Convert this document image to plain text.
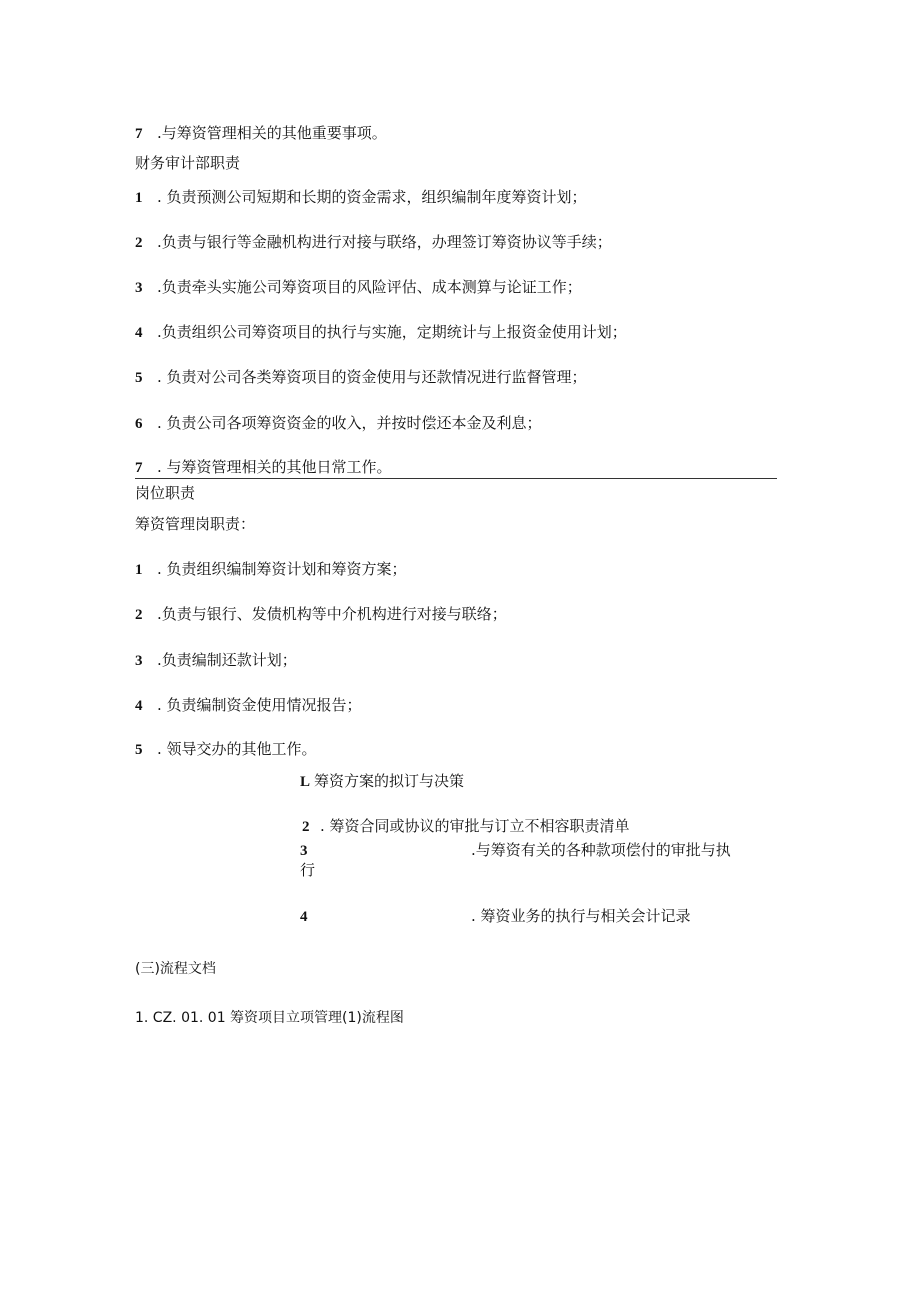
7 .与筹资管理相关的其他重要事项。
财务审计部职责
1 . 负责预测公司短期和长期的资金需求，组织编制年度筹资计划；
2 .负责与银行等金融机构进行对接与联络，办理签订筹资协议等手续；
3 .负责牵头实施公司筹资项目的风险评估、成本测算与论证工作；
4 .负责组织公司筹资项目的执行与实施，定期统计与上报资金使用计划；
5 . 负责对公司各类筹资项目的资金使用与还款情况进行监督管理；
6 . 负责公司各项筹资资金的收入，并按时偿还本金及利息；
7 . 与筹资管理相关的其他日常工作。
岗位职责
筹资管理岗职责：
1 . 负责组织编制筹资计划和筹资方案；
2 .负责与银行、发债机构等中介机构进行对接与联络；
3 .负责编制还款计划；
4 . 负责编制资金使用情况报告；
5 . 领导交办的其他工作。
L 筹资方案的拟订与决策
2 . 筹资合同或协议的审批与订立不相容职责清单
3	.与筹资有关的各种款项偿付的审批与执
行
4	. 筹资业务的执行与相关会计记录
(三)流程文档
1. CZ. 01. 01 筹资项目立项管理(1)流程图
